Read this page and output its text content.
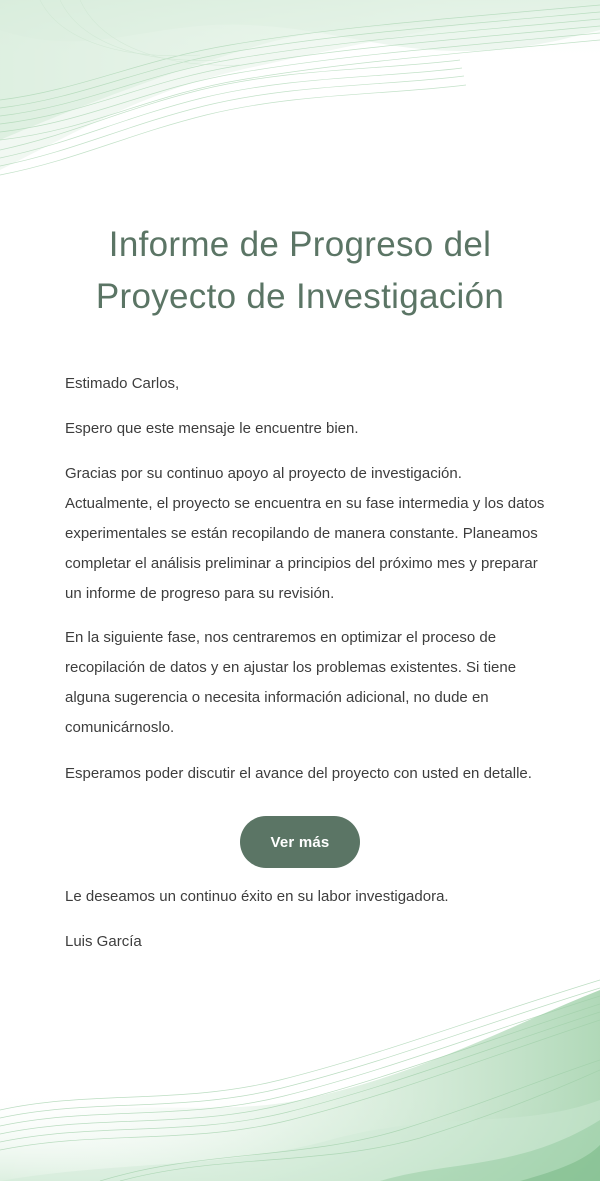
Informe de Progreso del
Proyecto de Investigación

Estimado Carlos,

Espero que este mensaje le encuentre bien.

Gracias por su continuo apoyo al proyecto de investigación. Actualmente, el proyecto se encuentra en su fase intermedia y los datos experimentales se están recopilando de manera constante. Planeamos completar el análisis preliminar a principios del próximo mes y preparar un informe de progreso para su revisión.

En la siguiente fase, nos centraremos en optimizar el proceso de recopilación de datos y en ajustar los problemas existentes. Si tiene alguna sugerencia o necesita información adicional, no dude en comunicárnoslo.

Esperamos poder discutir el avance del proyecto con usted en detalle.

Ver más

Le deseamos un continuo éxito en su labor investigadora.

Luis García
